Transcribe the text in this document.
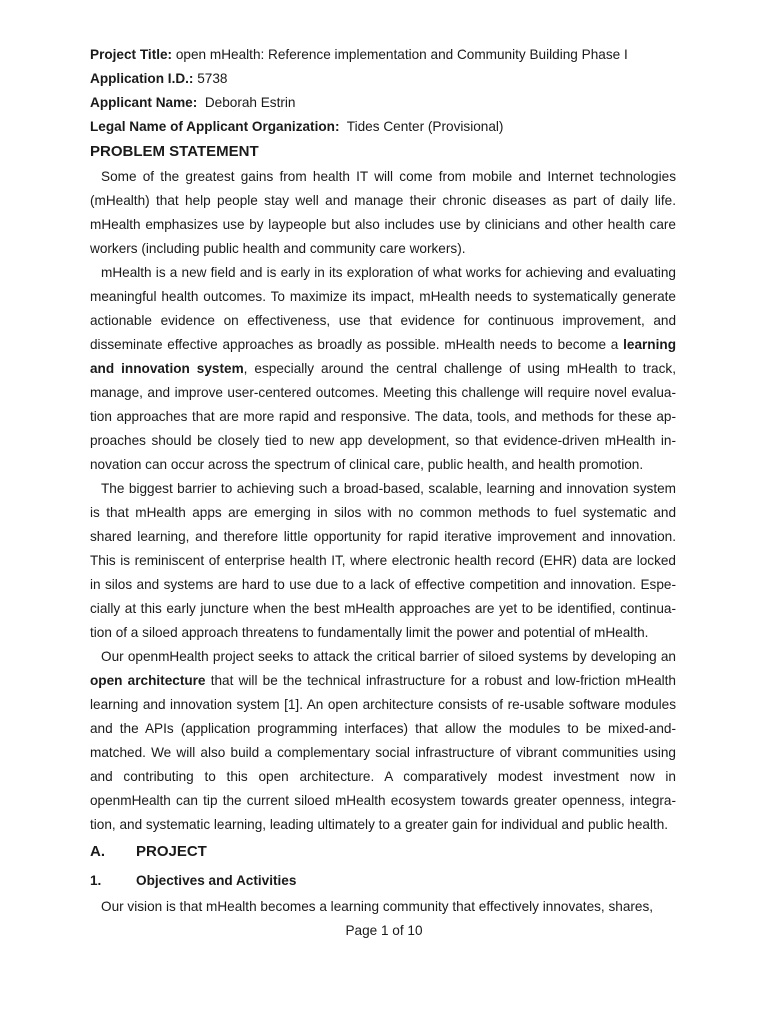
Project Title: open mHealth: Reference implementation and Community Building Phase I
Application I.D.: 5738
Applicant Name:  Deborah Estrin
Legal Name of Applicant Organization:  Tides Center (Provisional)
PROBLEM STATEMENT

Some of the greatest gains from health IT will come from mobile and Internet technologies (mHealth) that help people stay well and manage their chronic diseases as part of daily life. mHealth emphasizes use by laypeople but also includes use by clinicians and other health care workers (including public health and community care workers).

mHealth is a new field and is early in its exploration of what works for achieving and evaluating meaningful health outcomes. To maximize its impact, mHealth needs to systematically generate actionable evidence on effectiveness, use that evidence for continuous improvement, and disseminate effective approaches as broadly as possible. mHealth needs to become a learning and innovation system, especially around the central challenge of using mHealth to track, manage, and improve user-centered outcomes. Meeting this challenge will require novel evaluation approaches that are more rapid and responsive. The data, tools, and methods for these approaches should be closely tied to new app development, so that evidence-driven mHealth innovation can occur across the spectrum of clinical care, public health, and health promotion.

The biggest barrier to achieving such a broad-based, scalable, learning and innovation system is that mHealth apps are emerging in silos with no common methods to fuel systematic and shared learning, and therefore little opportunity for rapid iterative improvement and innovation. This is reminiscent of enterprise health IT, where electronic health record (EHR) data are locked in silos and systems are hard to use due to a lack of effective competition and innovation. Especially at this early juncture when the best mHealth approaches are yet to be identified, continuation of a siloed approach threatens to fundamentally limit the power and potential of mHealth.

Our openmHealth project seeks to attack the critical barrier of siloed systems by developing an open architecture that will be the technical infrastructure for a robust and low-friction mHealth learning and innovation system [1]. An open architecture consists of re-usable software modules and the APIs (application programming interfaces) that allow the modules to be mixed-and-matched. We will also build a complementary social infrastructure of vibrant communities using and contributing to this open architecture. A comparatively modest investment now in openmHealth can tip the current siloed mHealth ecosystem towards greater openness, integration, and systematic learning, leading ultimately to a greater gain for individual and public health.

A.	PROJECT
1.	Objectives and Activities

Our vision is that mHealth becomes a learning community that effectively innovates, shares,

Page 1 of 10
